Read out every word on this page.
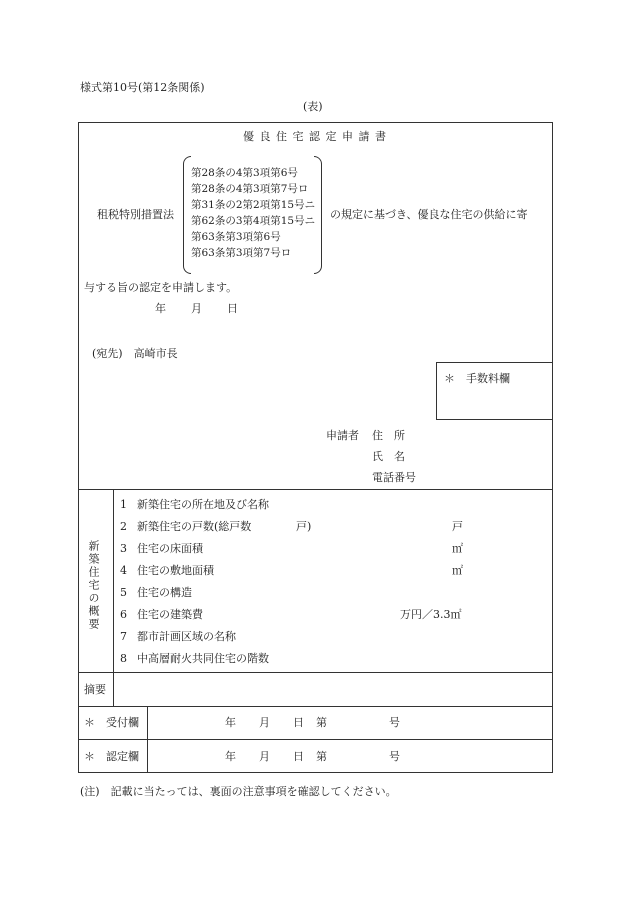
様式第10号(第12条関係)
(表)
優 良 住 宅 認 定 申 請 書
租税特別措置法
第28条の4第3項第6号
第28条の4第3項第7号ロ
第31条の2第2項第15号ニ
第62条の3第4項第15号ニ
第63条第3項第6号
第63条第3項第7号ロ
の規定に基づき、優良な住宅の供給に寄
与する旨の認定を申請します。
年 月 日
(宛先)　高崎市長
＊　手数料欄
申請者 住　所
氏　名
電話番号
新築住宅の概要
1 新築住宅の所在地及び名称
2 新築住宅の戸数(総戸数	戸)	戸
3 住宅の床面積	㎡
4 住宅の敷地面積	㎡
5 住宅の構造
6 住宅の建築費	万円／3.3㎡
7 都市計画区域の名称
8 中高層耐火共同住宅の階数
摘要
＊　受付欄	年 月 日 第	号
＊　認定欄	年 月 日 第	号
(注)　記載に当たっては、裏面の注意事項を確認してください。
